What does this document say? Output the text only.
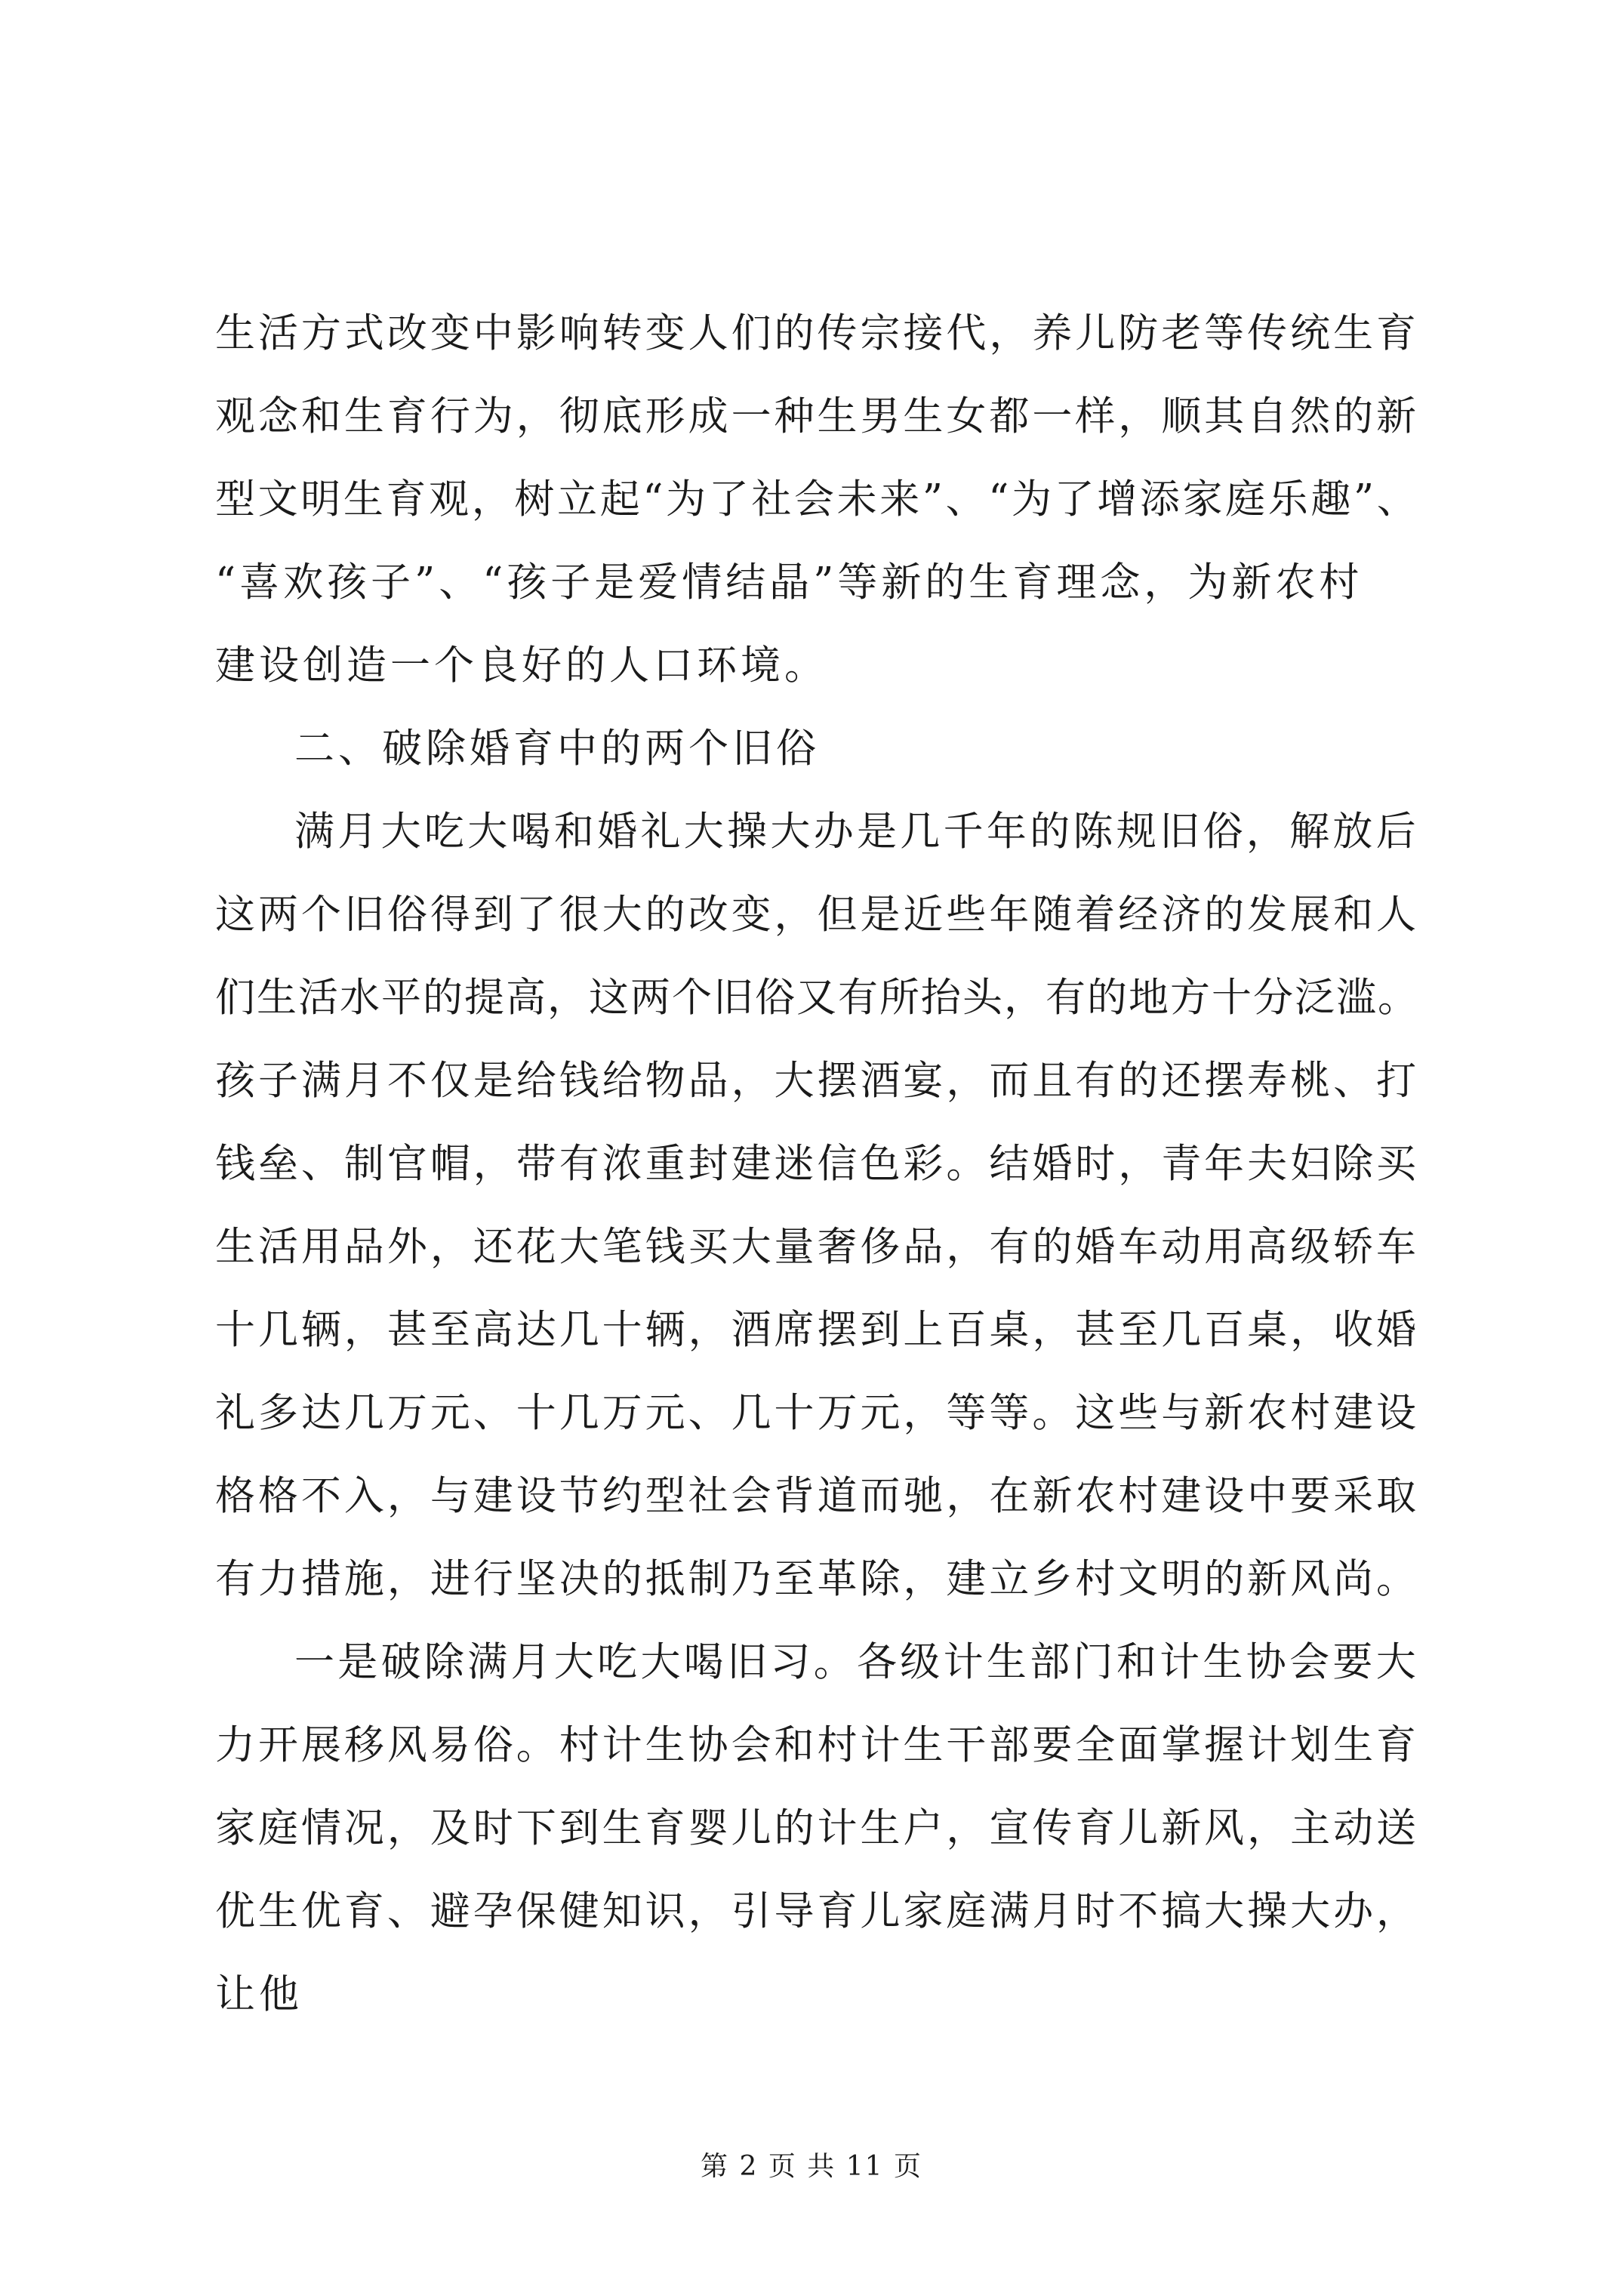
生活方式改变中影响转变人们的传宗接代，养儿防老等传统生育
观念和生育行为，彻底形成一种生男生女都一样，顺其自然的新
型文明生育观，树立起“为了社会未来”、“为了增添家庭乐趣”、
“喜欢孩子”、“孩子是爱情结晶”等新的生育理念，为新农村
建设创造一个良好的人口环境。
二、破除婚育中的两个旧俗
满月大吃大喝和婚礼大操大办是几千年的陈规旧俗，解放后
这两个旧俗得到了很大的改变，但是近些年随着经济的发展和人
们生活水平的提高，这两个旧俗又有所抬头，有的地方十分泛滥。
孩子满月不仅是给钱给物品，大摆酒宴，而且有的还摆寿桃、打
钱垒、制官帽，带有浓重封建迷信色彩。结婚时，青年夫妇除买
生活用品外，还花大笔钱买大量奢侈品，有的婚车动用高级轿车
十几辆，甚至高达几十辆，酒席摆到上百桌，甚至几百桌，收婚
礼多达几万元、十几万元、几十万元，等等。这些与新农村建设
格格不入，与建设节约型社会背道而驰，在新农村建设中要采取
有力措施，进行坚决的抵制乃至革除，建立乡村文明的新风尚。
一是破除满月大吃大喝旧习。各级计生部门和计生协会要大
力开展移风易俗。村计生协会和村计生干部要全面掌握计划生育
家庭情况，及时下到生育婴儿的计生户，宣传育儿新风，主动送
优生优育、避孕保健知识，引导育儿家庭满月时不搞大操大办，
让他
第 2 页 共 11 页
